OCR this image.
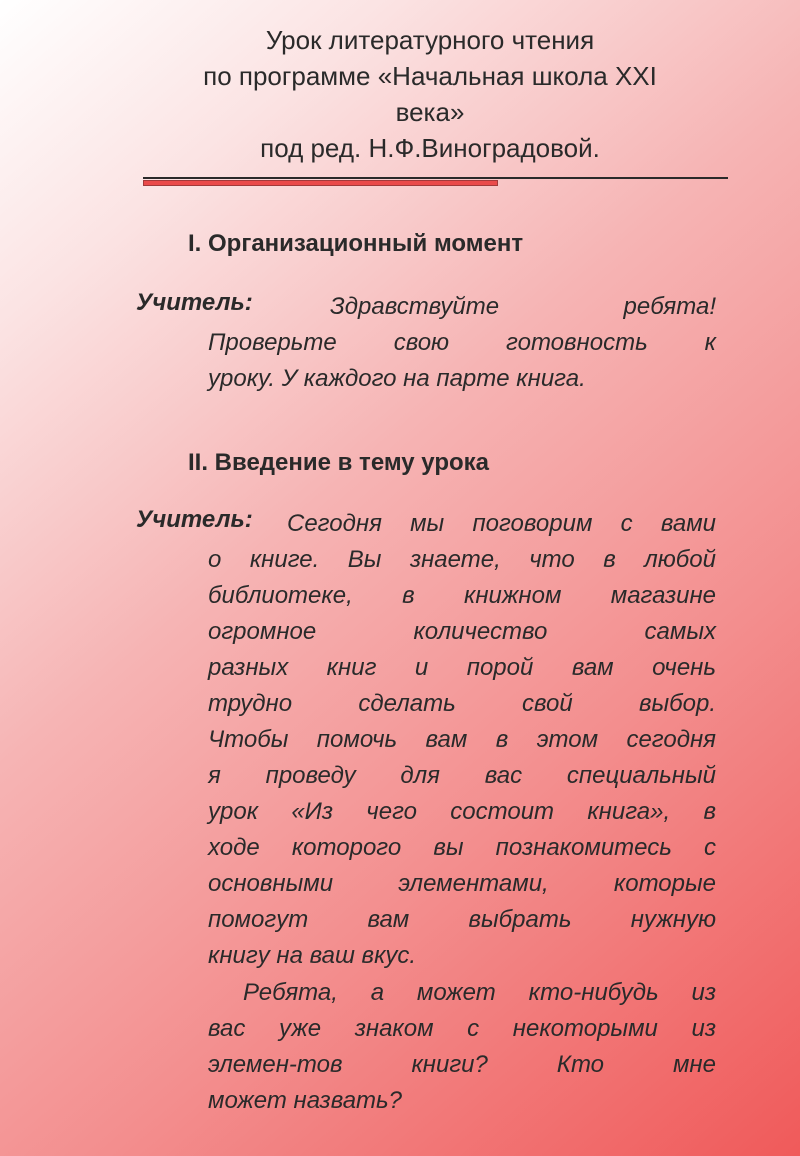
Урок литературного чтения
по программе «Начальная школа XXI
века»
под ред. Н.Ф.Виноградовой.
I. Организационный момент
Учитель:	Здравствуйте ребята!
Проверьте свою готовность к
уроку. У каждого на парте книга.
II. Введение в тему урока
Учитель: Сегодня мы поговорим с вами
о книге. Вы знаете, что в любой
библиотеке, в книжном магазине
огромное количество самых
разных книг и порой вам очень
трудно сделать свой выбор.
Чтобы помочь вам в этом сегодня
я проведу для вас специальный
урок «Из чего состоит книга», в
ходе которого вы познакомитесь с
основными элементами, которые
помогут вам выбрать нужную
книгу на ваш вкус.
Ребята, а может кто-нибудь из
вас уже знаком с некоторыми из
элемен-тов книги? Кто мне
может назвать?
